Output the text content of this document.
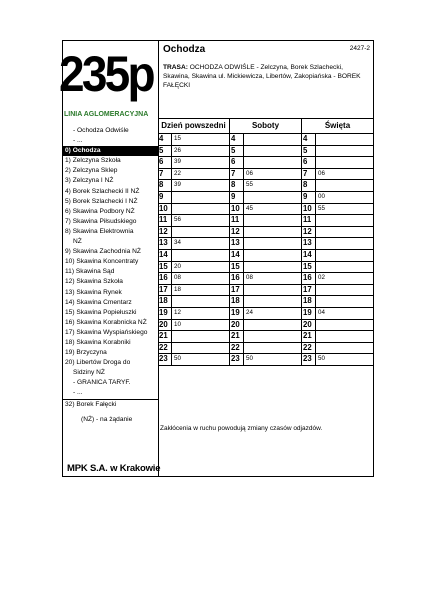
235p
LINIA AGLOMERACYJNA
Ochodza	2427-2
TRASA: OCHODZA ODWIŚLE - Zelczyna, Borek Szlachecki, Skawina, Skawina ul. Mickiewicza, Libertów, Zakopiańska - BOREK FAŁĘCKI
- Ochodza Odwiśle
- ...
0) Ochodza
1) Zelczyna Szkoła
2) Zelczyna Sklep
3) Zelczyna I NŻ
4) Borek Szlachecki II NŻ
5) Borek Szlachecki I NŻ
6) Skawina Podbory NŻ
7) Skawina Piłsudskiego
8) Skawina Elektrownia
NŻ
9) Skawina Zachodnia NŻ
10) Skawina Koncentraty
11) Skawina Sąd
12) Skawina Szkoła
13) Skawina Rynek
14) Skawina Cmentarz
15) Skawina Popiełuszki
16) Skawina Korabnicka NŻ
17) Skawina Wyspiańskiego
18) Skawina Korabniki
19) Brzyczyna
20) Libertów Droga do
Sidziny NŻ
- GRANICA TARYF.
- ...
32) Borek Fałęcki
(NŻ) - na żądanie
Dzień powszedni	Soboty	Święta
4	15
5	26
6	39
7	22
8	39
9
10
11	56
12
13	34
14
15	20
16	08
17	18
18
19	12
20	10
21
22
23	50
4
5
6
7	06
8	55
9
10	45
11
12
13
14
15
16	08
17
18
19	24
20
21
22
23	50
4
5
6
7	06
8
9	00
10	55
11
12
13
14
15
16	02
17
18
19	04
20
21
22
23	50
Zakłócenia w ruchu powodują zmiany czasów odjazdów.
MPK S.A. w Krakowie
